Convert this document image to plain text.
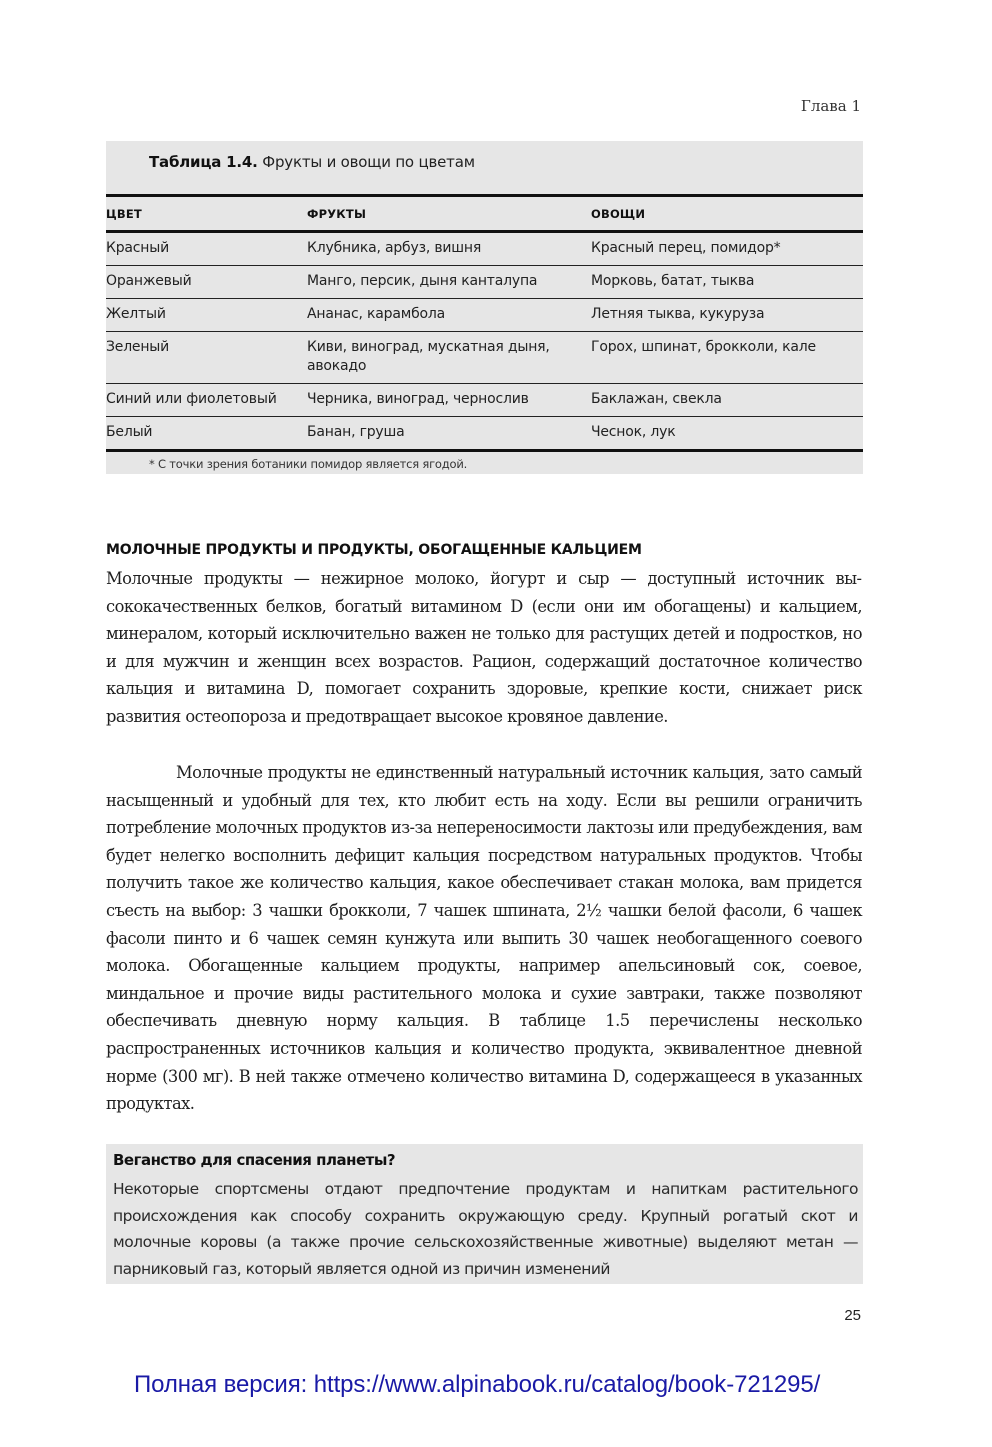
Глава 1
Таблица 1.4. Фрукты и овощи по цветам
ЦВЕТ	ФРУКТЫ	ОВОЩИ
Красный	Клубника, арбуз, вишня	Красный перец, помидор*
Оранжевый	Манго, персик, дыня канталупа	Морковь, батат, тыква
Желтый	Ананас, карамбола	Летняя тыква, кукуруза
Зеленый	Киви, виноград, мускатная дыня, авокадо	Горох, шпинат, брокколи, кале
Синий или фиолетовый	Черника, виноград, чернослив	Баклажан, свекла
Белый	Банан, груша	Чеснок, лук
* С точки зрения ботаники помидор является ягодой.
МОЛОЧНЫЕ ПРОДУКТЫ И ПРОДУКТЫ, ОБОГАЩЕННЫЕ КАЛЬЦИЕМ

Молочные продукты — нежирное молоко, йогурт и сыр — доступный источник высококачественных белков, богатый витамином D (если они им обогащены) и кальцием, минералом, который исключительно важен не только для растущих детей и подростков, но и для мужчин и женщин всех возрастов. Рацион, содержащий достаточное количество кальция и витамина D, помогает сохранить здоровые, крепкие кости, снижает риск развития остеопороза и предотвращает высокое кровяное давление.

Молочные продукты не единственный натуральный источник кальция, зато самый насыщенный и удобный для тех, кто любит есть на ходу. Если вы решили ограничить потребление молочных продуктов из-за непереносимости лактозы или предубеждения, вам будет нелегко восполнить дефицит кальция посредством натуральных продуктов. Чтобы получить такое же количество кальция, какое обеспечивает стакан молока, вам придется съесть на выбор: 3 чашки брокколи, 7 чашек шпината, 2½ чашки белой фасоли, 6 чашек фасоли пинто и 6 чашек семян кунжута или выпить 30 чашек необогащенного соевого молока. Обогащенные кальцием продукты, например апельсиновый сок, соевое, миндальное и прочие виды растительного молока и сухие завтраки, также позволяют обеспечивать дневную норму кальция. В таблице 1.5 перечислены несколько распространенных источников кальция и количество продукта, эквивалентное дневной норме (300 мг). В ней также отмечено количество витамина D, содержащееся в указанных продуктах.

Веганство для спасения планеты?

Некоторые спортсмены отдают предпочтение продуктам и напиткам растительного происхождения как способу сохранить окружающую среду. Крупный рогатый скот и молочные коровы (а также прочие сельскохозяйственные животные) выделяют метан — парниковый газ, который является одной из причин изменений

25
Полная версия: https://www.alpinabook.ru/catalog/book-721295/
